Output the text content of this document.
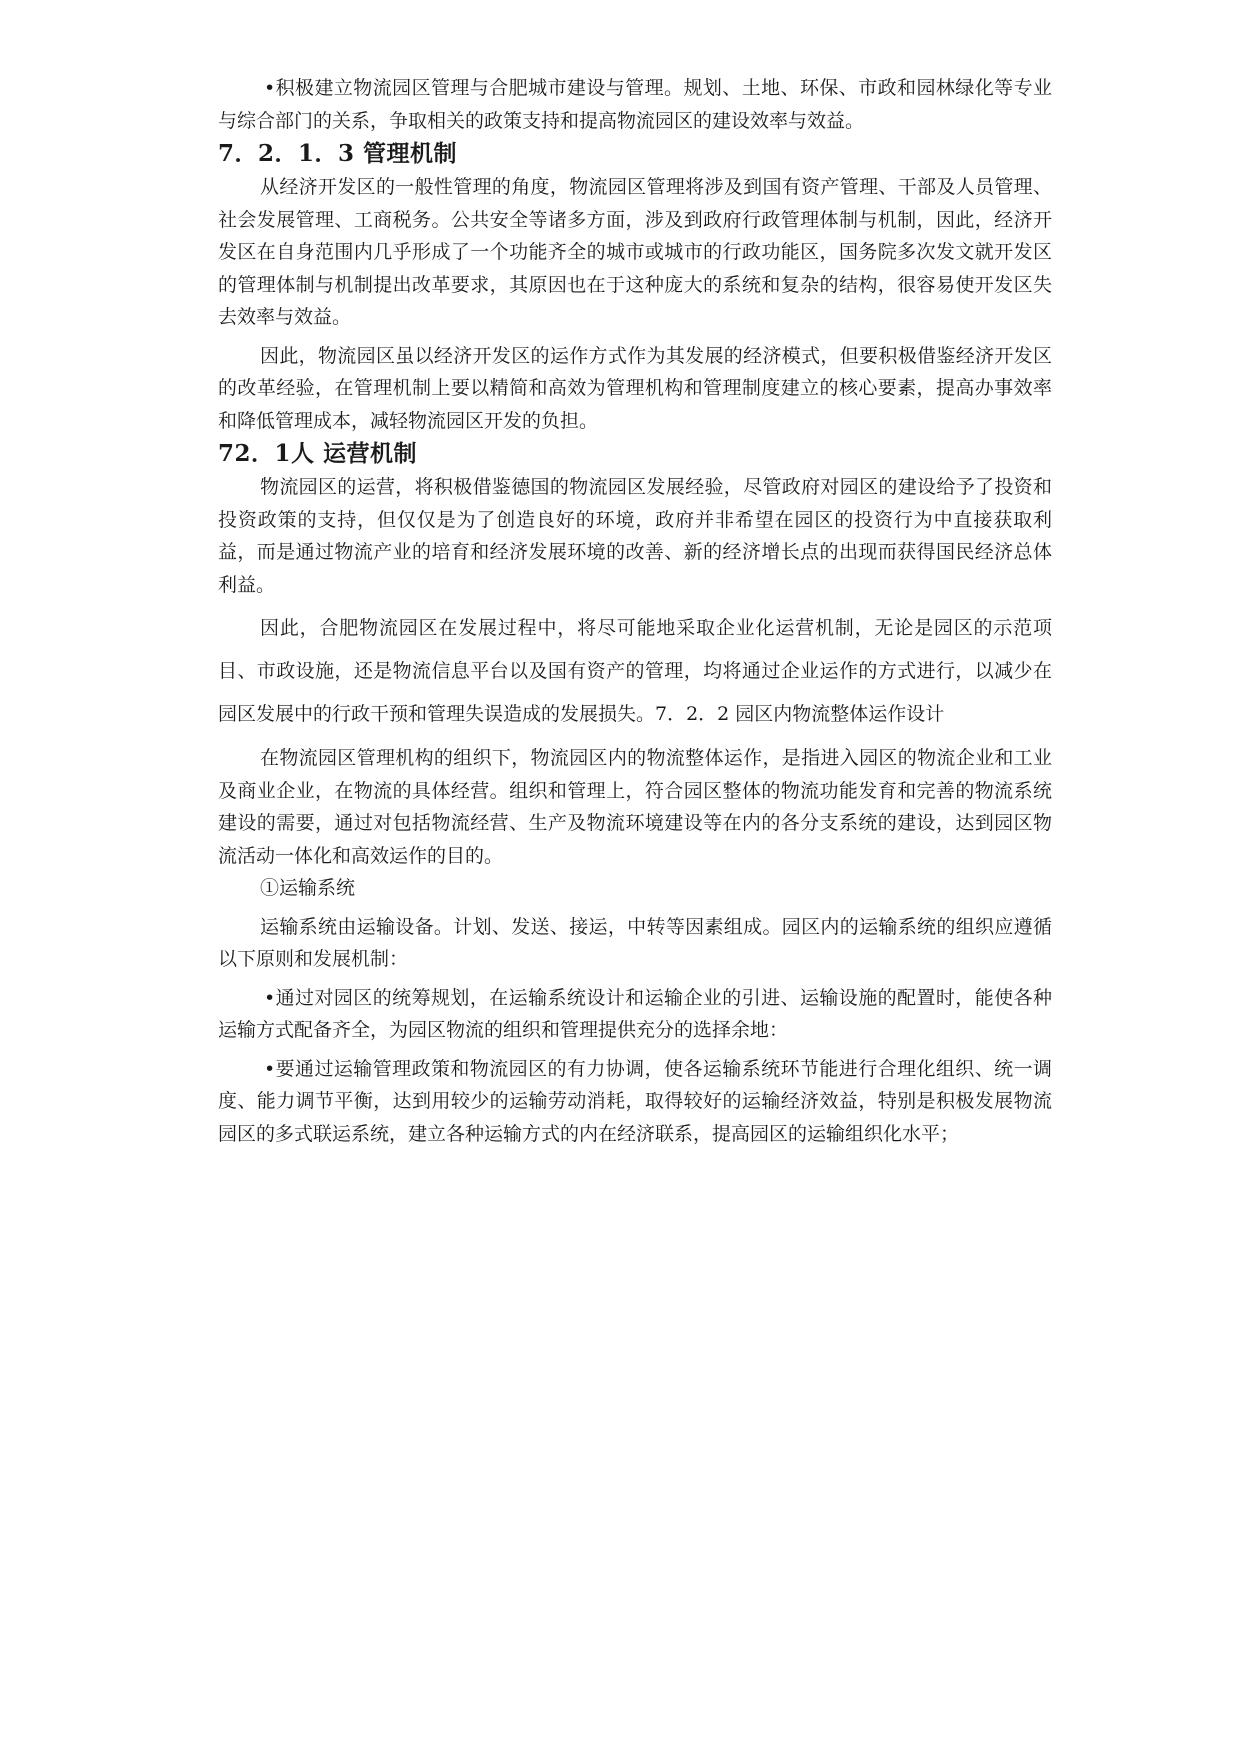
•积极建立物流园区管理与合肥城市建设与管理。规划、土地、环保、市政和园林绿化等专业与综合部门的关系，争取相关的政策支持和提高物流园区的建设效率与效益。

7．2．1．3 管理机制

从经济开发区的一般性管理的角度，物流园区管理将涉及到国有资产管理、干部及人员管理、社会发展管理、工商税务。公共安全等诸多方面，涉及到政府行政管理体制与机制，因此，经济开发区在自身范围内几乎形成了一个功能齐全的城市或城市的行政功能区，国务院多次发文就开发区的管理体制与机制提出改革要求，其原因也在于这种庞大的系统和复杂的结构，很容易使开发区失去效率与效益。

因此，物流园区虽以经济开发区的运作方式作为其发展的经济模式，但要积极借鉴经济开发区的改革经验，在管理机制上要以精简和高效为管理机构和管理制度建立的核心要素，提高办事效率和降低管理成本，减轻物流园区开发的负担。

72．1人 运营机制

物流园区的运营，将积极借鉴德国的物流园区发展经验，尽管政府对园区的建设给予了投资和投资政策的支持，但仅仅是为了创造良好的环境，政府并非希望在园区的投资行为中直接获取利益，而是通过物流产业的培育和经济发展环境的改善、新的经济增长点的出现而获得国民经济总体利益。

因此，合肥物流园区在发展过程中，将尽可能地采取企业化运营机制，无论是园区的示范项目、市政设施，还是物流信息平台以及国有资产的管理，均将通过企业运作的方式进行，以减少在园区发展中的行政干预和管理失误造成的发展损失。7．2．2 园区内物流整体运作设计

在物流园区管理机构的组织下，物流园区内的物流整体运作，是指进入园区的物流企业和工业及商业企业，在物流的具体经营。组织和管理上，符合园区整体的物流功能发育和完善的物流系统建设的需要，通过对包括物流经营、生产及物流环境建设等在内的各分支系统的建设，达到园区物流活动一体化和高效运作的目的。

①运输系统

运输系统由运输设备。计划、发送、接运，中转等因素组成。园区内的运输系统的组织应遵循以下原则和发展机制：

•通过对园区的统筹规划，在运输系统设计和运输企业的引进、运输设施的配置时，能使各种运输方式配备齐全，为园区物流的组织和管理提供充分的选择余地：

•要通过运输管理政策和物流园区的有力协调，使各运输系统环节能进行合理化组织、统一调度、能力调节平衡，达到用较少的运输劳动消耗，取得较好的运输经济效益，特别是积极发展物流园区的多式联运系统，建立各种运输方式的内在经济联系，提高园区的运输组织化水平；
